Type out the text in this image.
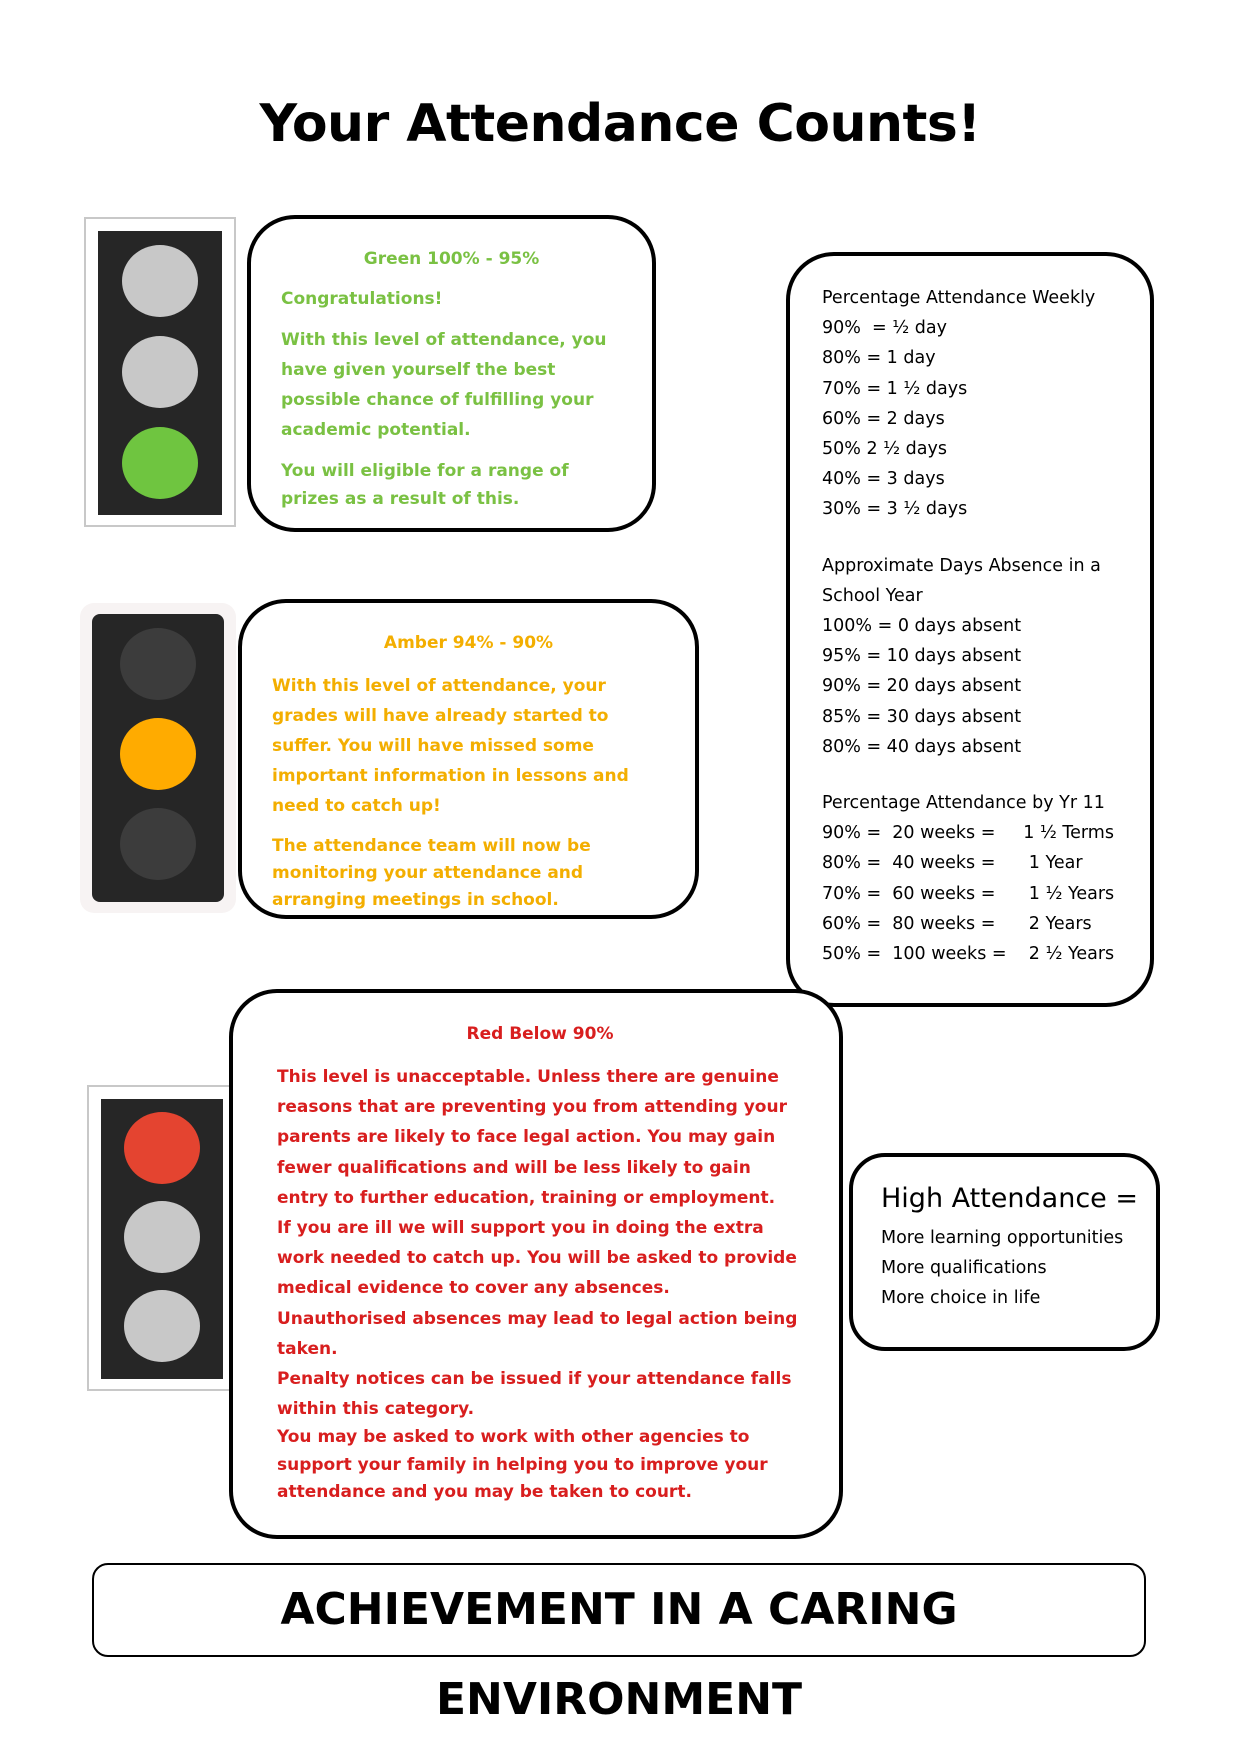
Your Attendance Counts!

Green 100% - 95%

Congratulations!

With this level of attendance, you have given yourself the best possible chance of fulfilling your academic potential.

You will eligible for a range of prizes as a result of this.

Amber 94% - 90%

With this level of attendance, your grades will have already started to suffer. You will have missed some important information in lessons and need to catch up!

The attendance team will now be monitoring your attendance and arranging meetings in school.

Percentage Attendance Weekly

90%  = ½ day

80% = 1 day

70% = 1 ½ days

60% = 2 days

50% 2 ½ days

40% = 3 days

30% = 3 ½ days

Approximate Days Absence in a

School Year

100% = 0 days absent

95% = 10 days absent

90% = 20 days absent

85% = 30 days absent

80% = 40 days absent

Percentage Attendance by Yr 11

90% =  20 weeks =     1 ½ Terms

80% =  40 weeks =      1 Year

70% =  60 weeks =      1 ½ Years

60% =  80 weeks =      2 Years

50% =  100 weeks =    2 ½ Years

Red Below 90%

This level is unacceptable. Unless there are genuine reasons that are preventing you from attending your parents are likely to face legal action. You may gain fewer qualifications and will be less likely to gain entry to further education, training or employment.

If you are ill we will support you in doing the extra work needed to catch up. You will be asked to provide medical evidence to cover any absences.

Unauthorised absences may lead to legal action being taken.

Penalty notices can be issued if your attendance falls within this category.

You may be asked to work with other agencies to support your family in helping you to improve your attendance and you may be taken to court.

High Attendance =

More learning opportunities

More qualifications

More choice in life

ACHIEVEMENT IN A CARING ENVIRONMENT
